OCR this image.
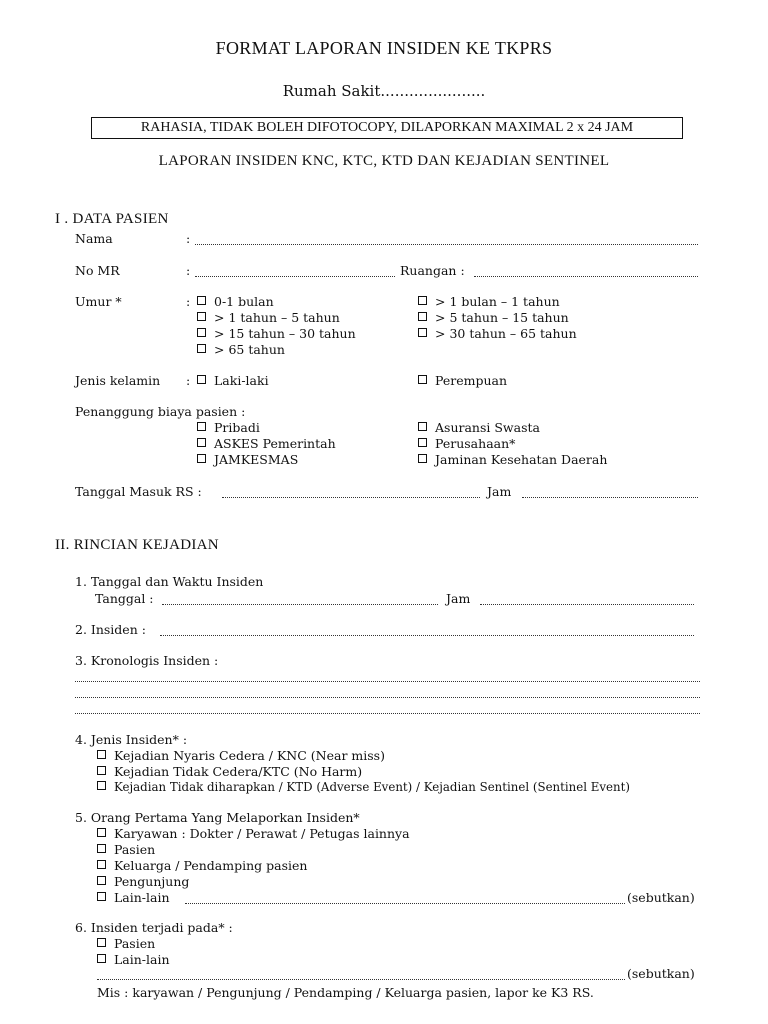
FORMAT LAPORAN INSIDEN KE TKPRS
Rumah Sakit......................
RAHASIA, TIDAK BOLEH DIFOTOCOPY, DILAPORKAN MAXIMAL 2 x 24 JAM
LAPORAN INSIDEN KNC, KTC, KTD DAN KEJADIAN SENTINEL
I . DATA PASIEN
Nama	:
No MR	:	Ruangan :
Umur *	:	0-1 bulan	> 1 bulan – 1 tahun
> 1 tahun – 5 tahun	> 5 tahun – 15 tahun
> 15 tahun – 30 tahun	> 30 tahun – 65 tahun
> 65 tahun
Jenis kelamin :	Laki-laki	Perempuan
Penanggung biaya pasien :
Pribadi	Asuransi Swasta
ASKES Pemerintah	Perusahaan*
JAMKESMAS	Jaminan Kesehatan Daerah
Tanggal Masuk RS :	Jam
II. RINCIAN KEJADIAN
1. Tanggal dan Waktu Insiden
Tanggal :	Jam
2. Insiden :
3. Kronologis Insiden :
4. Jenis Insiden* :
Kejadian Nyaris Cedera / KNC (Near miss)
Kejadian Tidak Cedera/KTC (No Harm)
Kejadian Tidak diharapkan / KTD (Adverse Event) / Kejadian Sentinel (Sentinel Event)
5. Orang Pertama Yang Melaporkan Insiden*
Karyawan : Dokter / Perawat / Petugas lainnya
Pasien
Keluarga / Pendamping pasien
Pengunjung
Lain-lain	(sebutkan)
6. Insiden terjadi pada* :
Pasien
Lain-lain
(sebutkan)
Mis : karyawan / Pengunjung / Pendamping / Keluarga pasien, lapor ke K3 RS.
